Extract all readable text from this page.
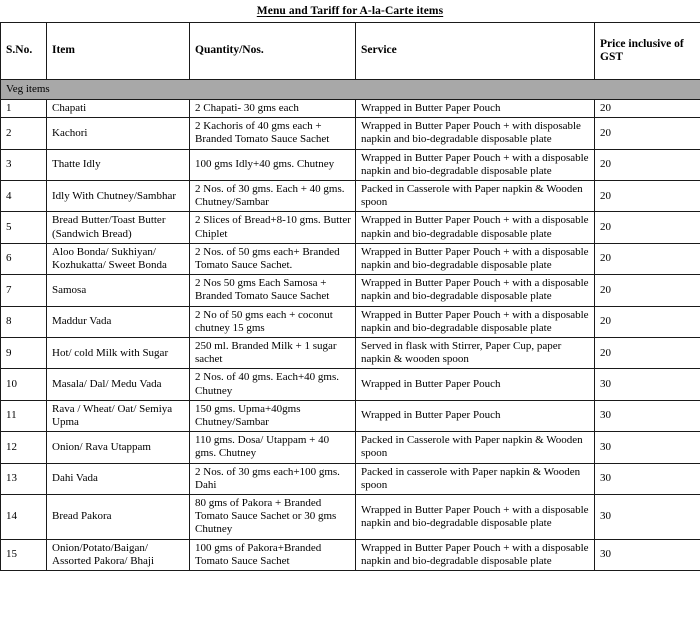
Menu and Tariff for A-la-Carte items
S.No.	Item	Quantity/Nos.	Service	Price inclusive of GST
Veg items				
1	Chapati	2 Chapati- 30 gms each	Wrapped in Butter Paper Pouch	20
2	Kachori	2 Kachoris of 40 gms each + Branded Tomato Sauce Sachet	Wrapped in Butter Paper Pouch + with disposable napkin and bio-degradable disposable plate	20
3	Thatte Idly	100 gms Idly+40 gms. Chutney	Wrapped in Butter Paper Pouch + with a disposable napkin and bio-degradable disposable plate	20
4	Idly With Chutney/Sambhar	2 Nos. of 30 gms. Each + 40 gms. Chutney/Sambar	Packed in Casserole with Paper napkin & Wooden spoon	20
5	Bread Butter/Toast Butter (Sandwich Bread)	2 Slices of Bread+8-10 gms. Butter Chiplet	Wrapped in Butter Paper Pouch + with a disposable napkin and bio-degradable disposable plate	20
6	Aloo Bonda/ Sukhiyan/ Kozhukatta/ Sweet Bonda	2 Nos. of 50 gms each+ Branded Tomato Sauce Sachet.	Wrapped in Butter Paper Pouch + with a disposable napkin and bio-degradable disposable plate	20
7	Samosa	2 Nos 50 gms Each Samosa + Branded Tomato Sauce Sachet	Wrapped in Butter Paper Pouch + with a disposable napkin and bio-degradable disposable plate	20
8	Maddur Vada	2 No of 50 gms each + coconut chutney 15 gms	Wrapped in Butter Paper Pouch + with a disposable napkin and bio-degradable disposable plate	20
9	Hot/ cold Milk with Sugar	250 ml. Branded Milk + 1 sugar sachet	Served in flask with Stirrer, Paper Cup, paper napkin & wooden spoon	20
10	Masala/ Dal/ Medu Vada	2 Nos. of 40 gms. Each+40 gms. Chutney	Wrapped in Butter Paper Pouch	30
11	Rava / Wheat/ Oat/ Semiya Upma	150 gms. Upma+40gms Chutney/Sambar	Wrapped in Butter Paper Pouch	30
12	Onion/ Rava Utappam	110 gms. Dosa/ Utappam + 40 gms. Chutney	Packed in Casserole with Paper napkin & Wooden spoon	30
13	Dahi Vada	2 Nos. of 30 gms each+100 gms. Dahi	Packed in casserole with Paper napkin & Wooden spoon	30
14	Bread Pakora	80 gms of Pakora + Branded Tomato Sauce Sachet or 30 gms Chutney	Wrapped in Butter Paper Pouch + with a disposable napkin and bio-degradable disposable plate	30
15	Onion/Potato/Baigan/ Assorted Pakora/ Bhaji	100 gms of Pakora+Branded Tomato Sauce Sachet	Wrapped in Butter Paper Pouch + with a disposable napkin and bio-degradable disposable plate	30
